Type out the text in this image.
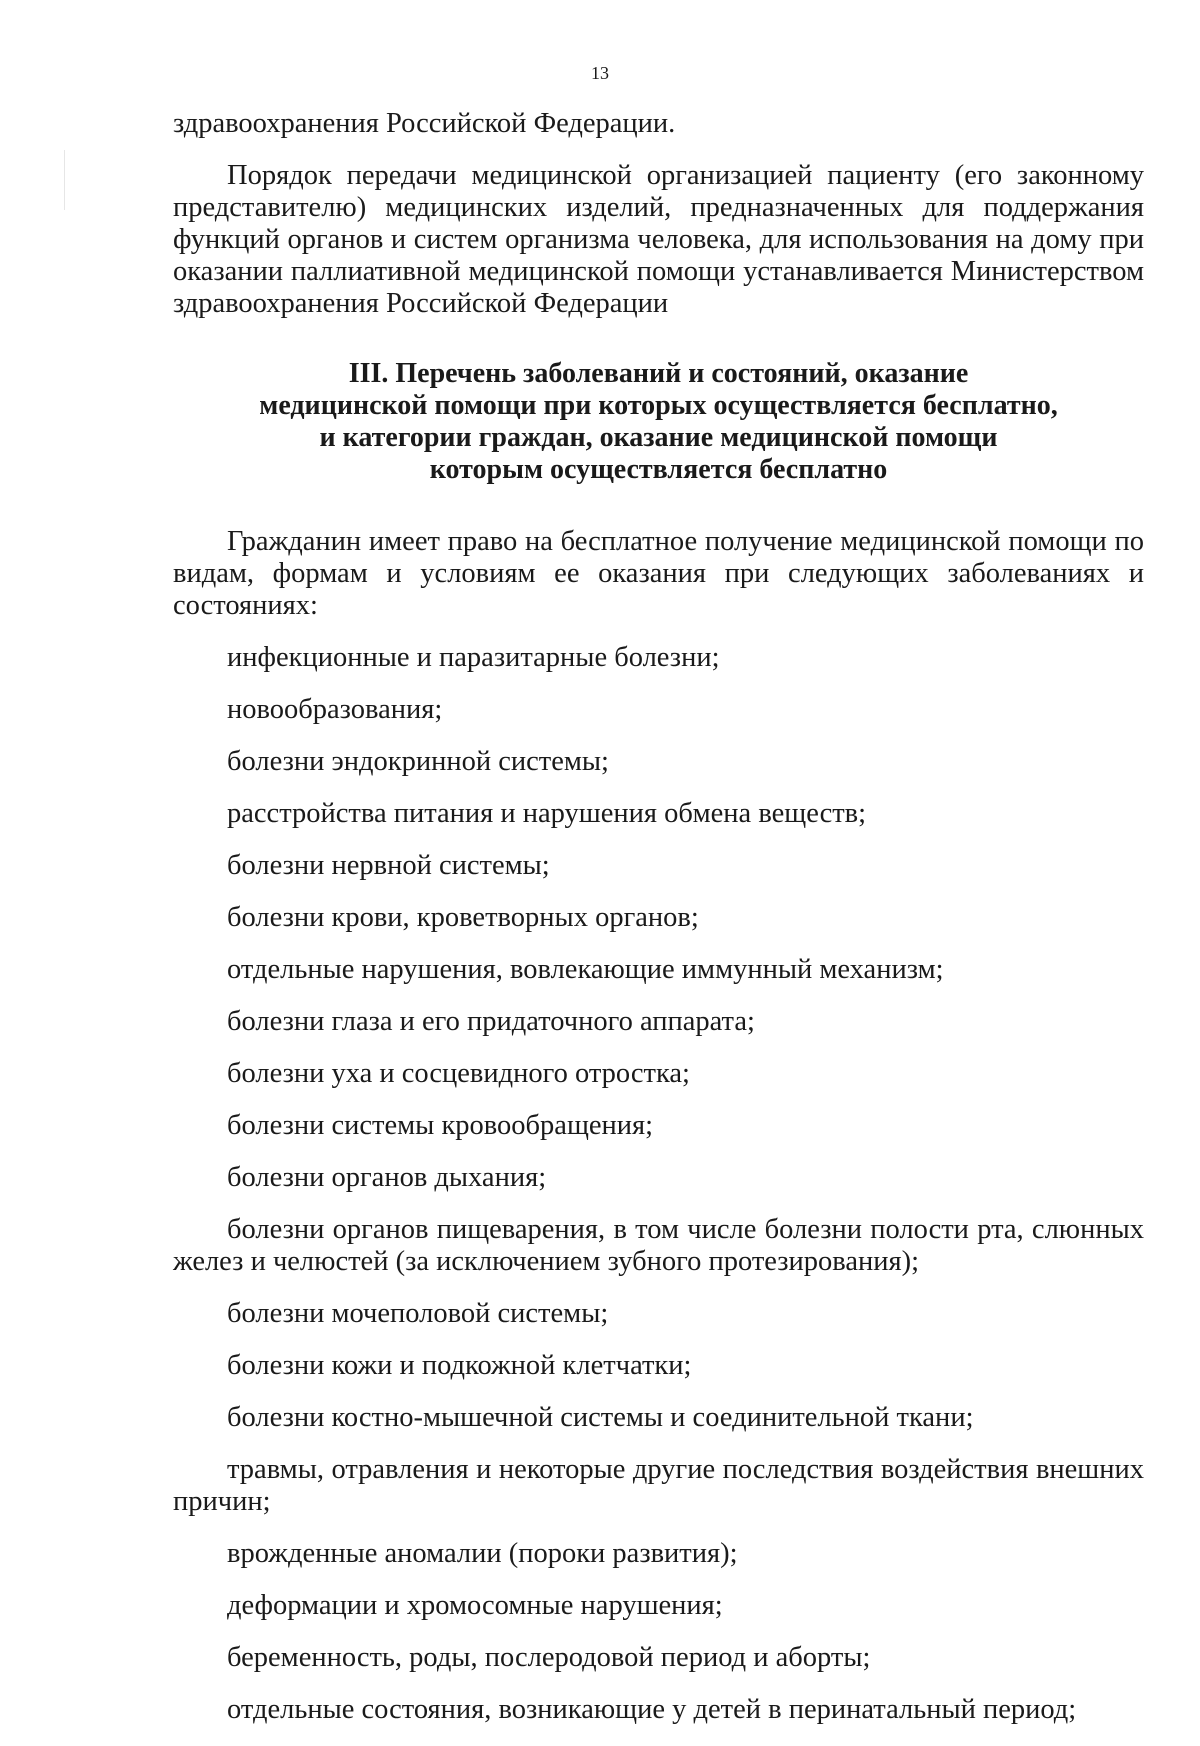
13

здравоохранения Российской Федерации.

Порядок передачи медицинской организацией пациенту (его законному представителю) медицинских изделий, предназначенных для поддержания функций органов и систем организма человека, для использования на дому при оказании паллиативной медицинской помощи устанавливается Министерством здравоохранения Российской Федерации

III. Перечень заболеваний и состояний, оказание
медицинской помощи при которых осуществляется бесплатно,
и категории граждан, оказание медицинской помощи
которым осуществляется бесплатно

Гражданин имеет право на бесплатное получение медицинской помощи по видам, формам и условиям ее оказания при следующих заболеваниях и состояниях:

инфекционные и паразитарные болезни;
новообразования;
болезни эндокринной системы;
расстройства питания и нарушения обмена веществ;
болезни нервной системы;
болезни крови, кроветворных органов;
отдельные нарушения, вовлекающие иммунный механизм;
болезни глаза и его придаточного аппарата;
болезни уха и сосцевидного отростка;
болезни системы кровообращения;
болезни органов дыхания;
болезни органов пищеварения, в том числе болезни полости рта, слюнных желез и челюстей (за исключением зубного протезирования);
болезни мочеполовой системы;
болезни кожи и подкожной клетчатки;
болезни костно-мышечной системы и соединительной ткани;
травмы, отравления и некоторые другие последствия воздействия внешних причин;
врожденные аномалии (пороки развития);
деформации и хромосомные нарушения;
беременность, роды, послеродовой период и аборты;
отдельные состояния, возникающие у детей в перинатальный период;
